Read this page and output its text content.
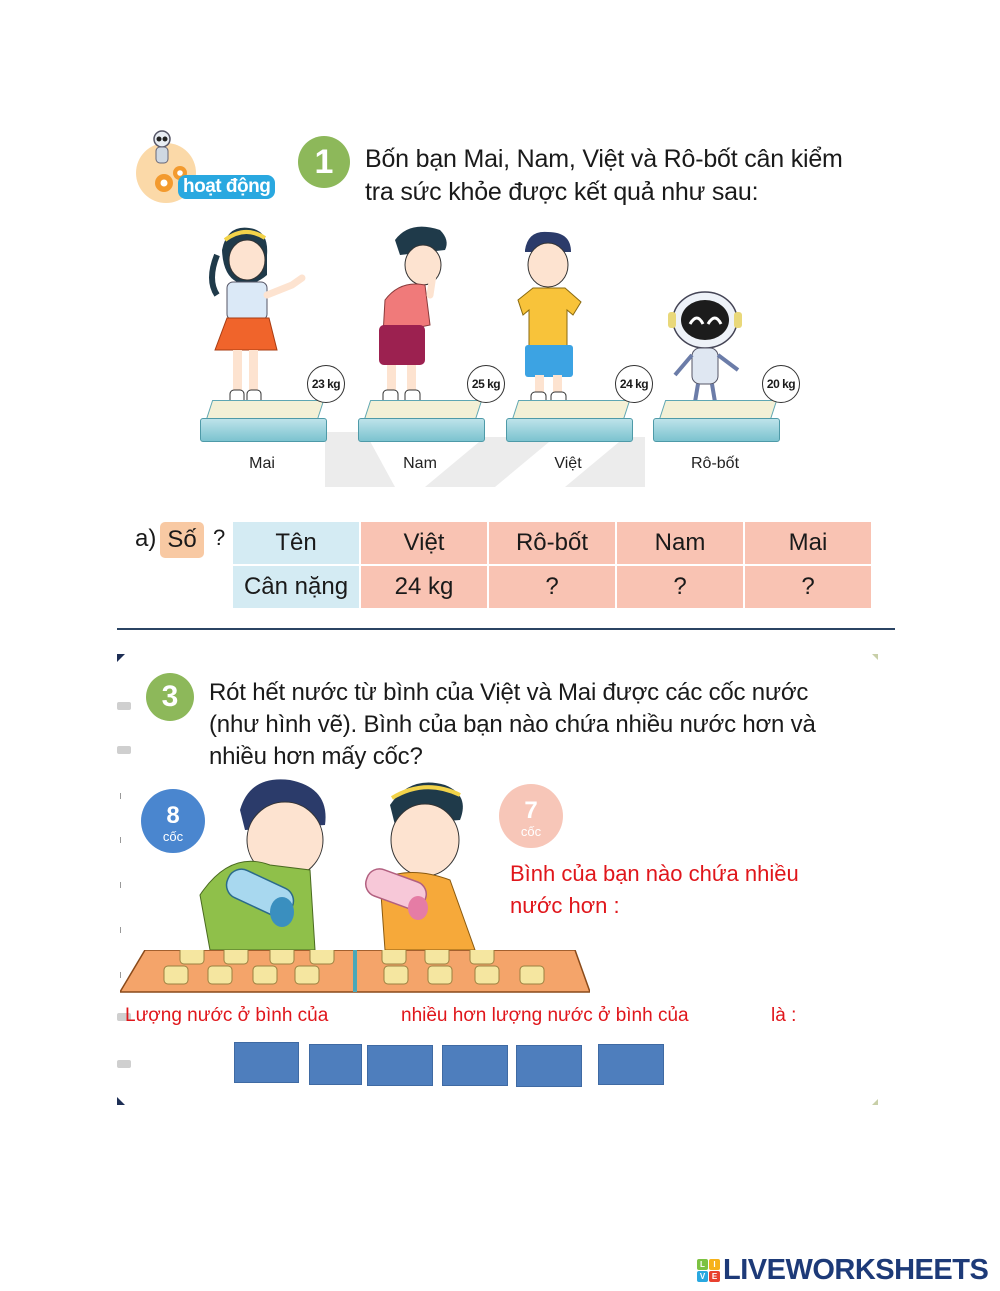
hoạt động
1 Bốn bạn Mai, Nam, Việt và Rô-bốt cân kiểm
tra sức khỏe được kết quả như sau:
23 kg
Mai
25 kg
Nam
24 kg
Việt
20 kg
Rô-bốt
a) Số ? Tên	Việt	Rô-bốt	Nam	Mai
Cân nặng	24 kg	?	?	?
3 Rót hết nước từ bình của Việt và Mai được các cốc nước
(như hình vẽ). Bình của bạn nào chứa nhiều nước hơn và
nhiều hơn mấy cốc?
8
cốc
7
cốc
Bình của bạn nào chứa nhiều
nước hơn :
Lượng nước ở bình của	nhiều hơn lượng nước ở bình của	là :
L	I
V E LIVEWORKSHEETS
